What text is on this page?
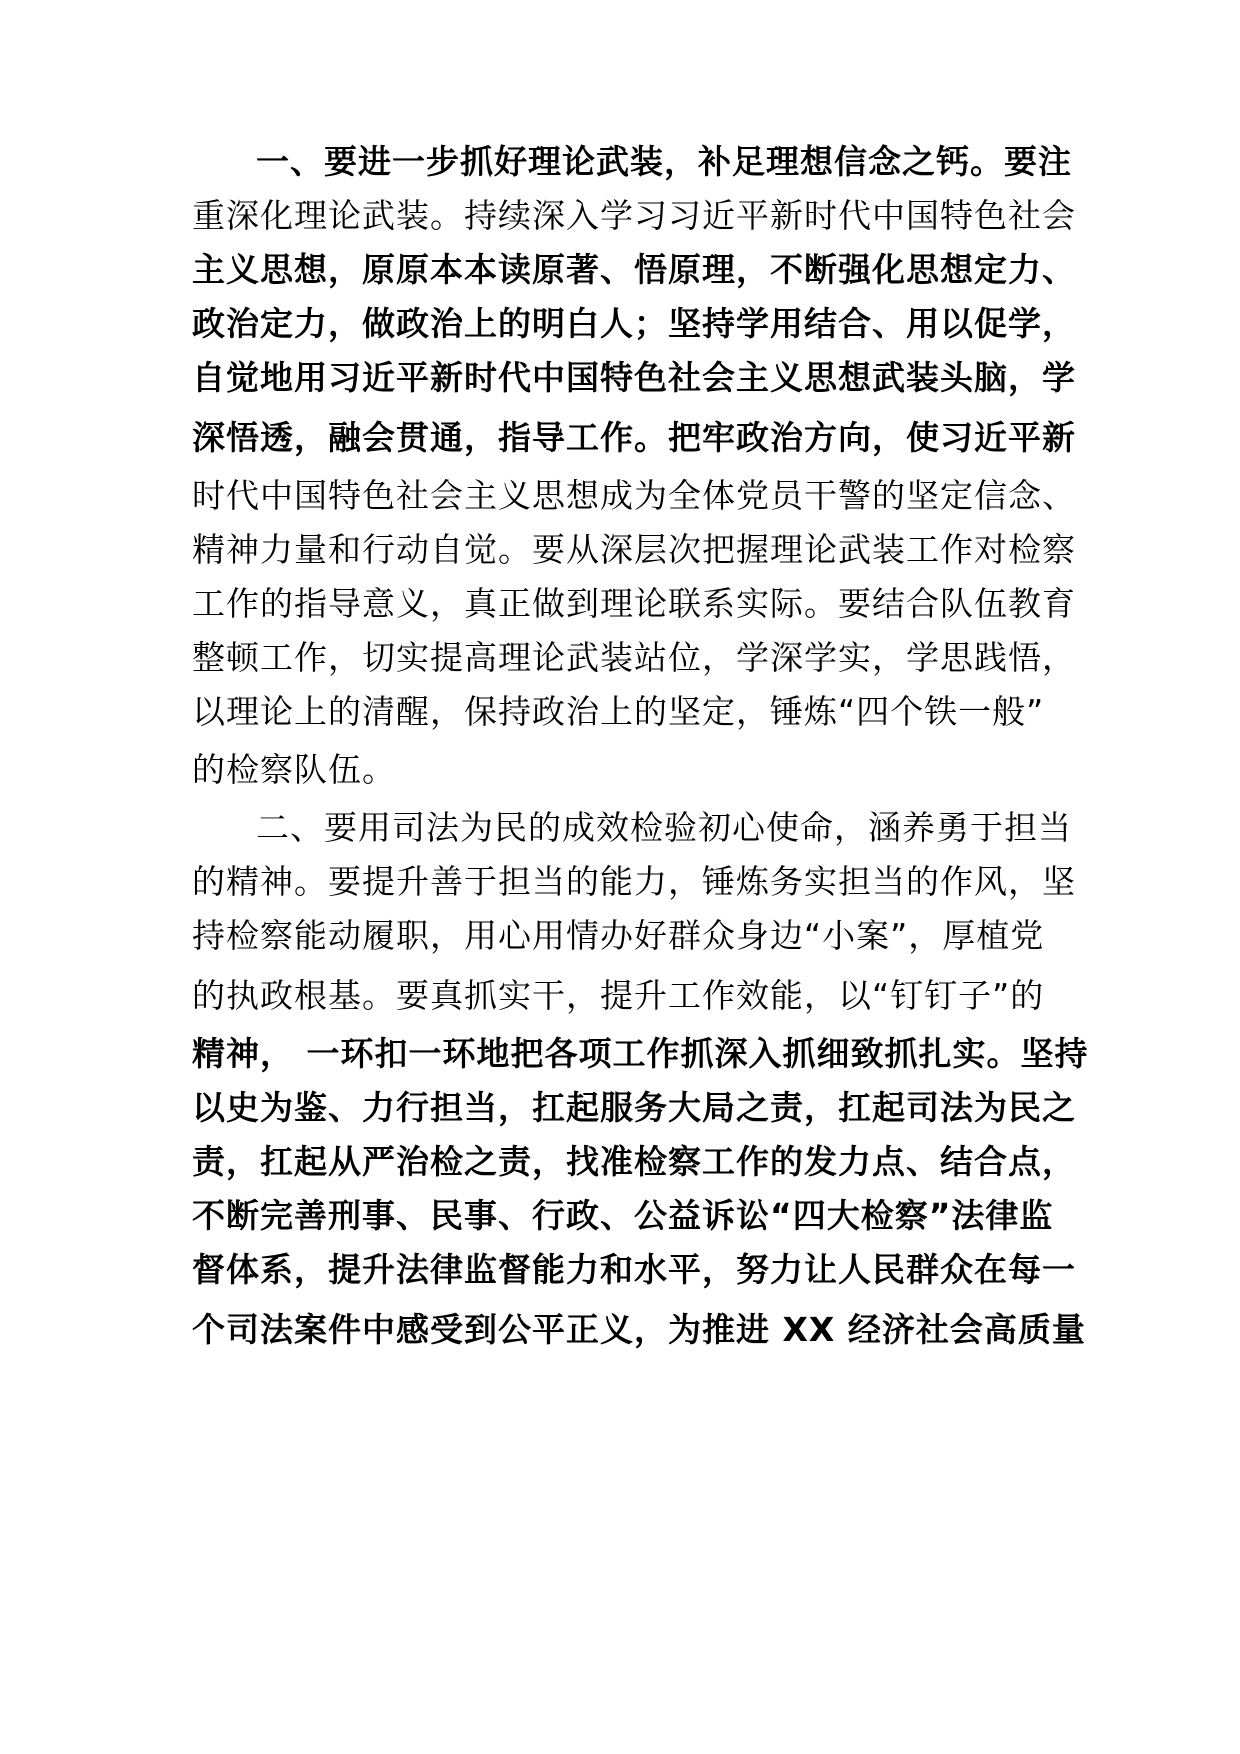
一、要进一步抓好理论武装，补足理想信念之钙。要注
重深化理论武装。持续深入学习习近平新时代中国特色社会
主义思想，原原本本读原著、悟原理，不断强化思想定力、
政治定力，做政治上的明白人；坚持学用结合、用以促学，
自觉地用习近平新时代中国特色社会主义思想武装头脑，学
深悟透，融会贯通，指导工作。把牢政治方向，使习近平新
时代中国特色社会主义思想成为全体党员干警的坚定信念、
精神力量和行动自觉。要从深层次把握理论武装工作对检察
工作的指导意义，真正做到理论联系实际。要结合队伍教育
整顿工作，切实提高理论武装站位，学深学实，学思践悟，
以理论上的清醒，保持政治上的坚定，锤炼“四个铁一般”
的检察队伍。
二、要用司法为民的成效检验初心使命，涵养勇于担当
的精神。要提升善于担当的能力，锤炼务实担当的作风，坚
持检察能动履职，用心用情办好群众身边“小案”，厚植党
的执政根基。要真抓实干，提升工作效能，以“钉钉子”的
精神， 一环扣一环地把各项工作抓深入抓细致抓扎实。坚持
以史为鉴、力行担当，扛起服务大局之责，扛起司法为民之
责，扛起从严治检之责，找准检察工作的发力点、结合点，
不断完善刑事、民事、行政、公益诉讼“四大检察”法律监
督体系，提升法律监督能力和水平，努力让人民群众在每一
个司法案件中感受到公平正义，为推进 XX 经济社会高质量
